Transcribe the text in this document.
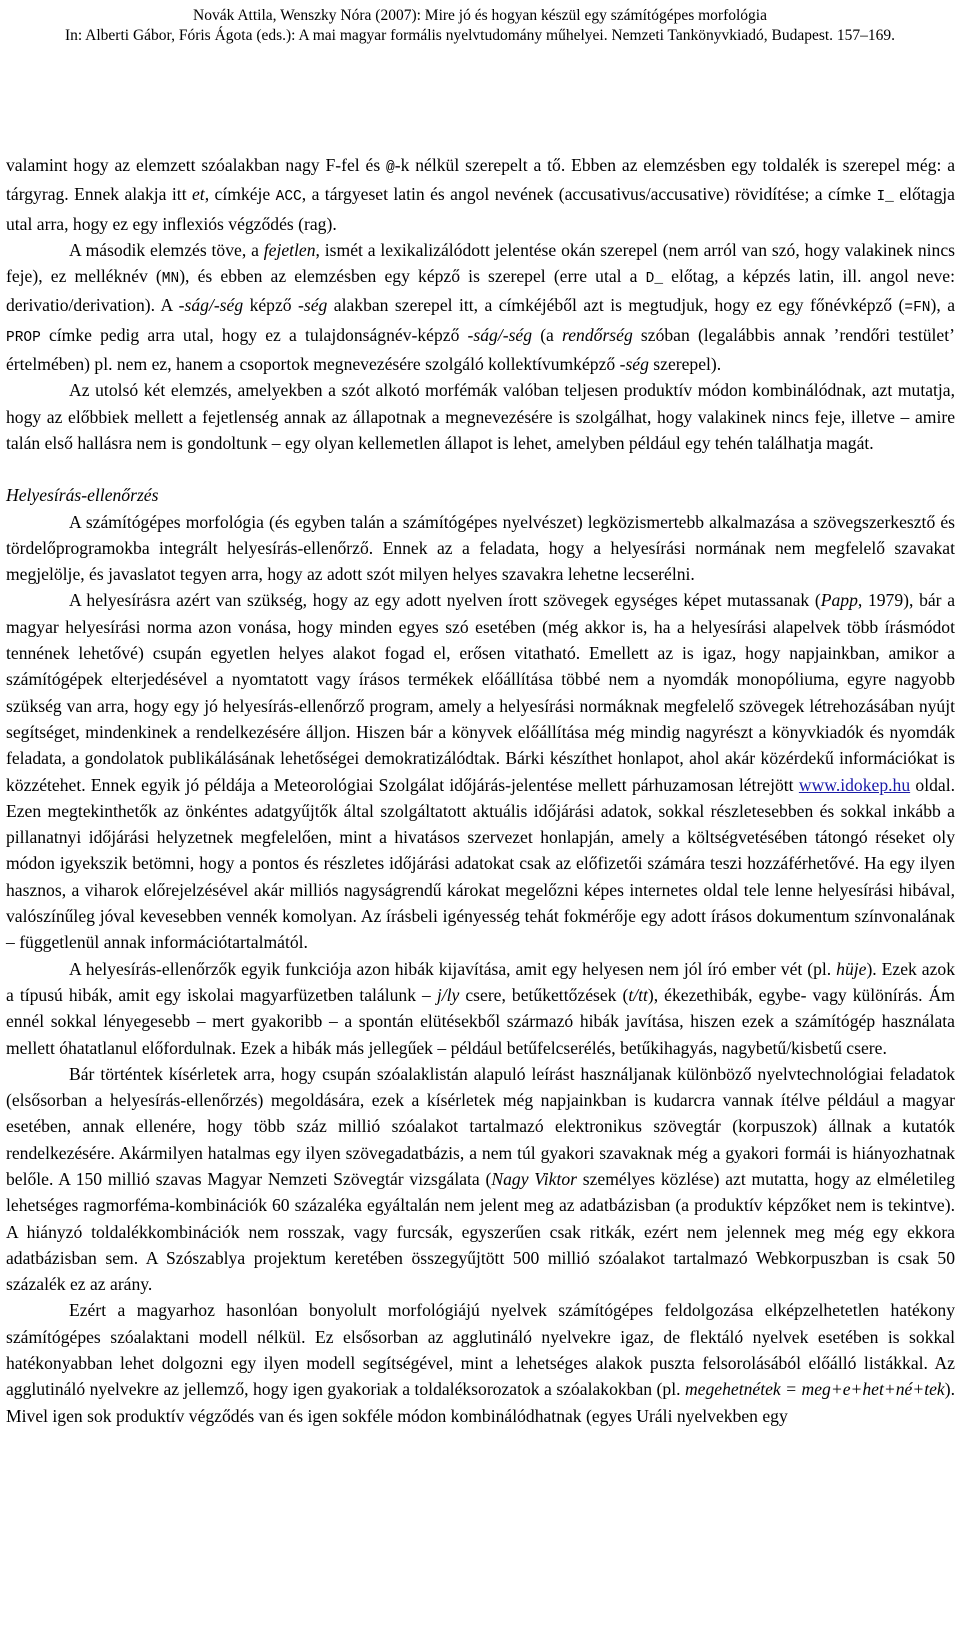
Novák Attila, Wenszky Nóra (2007): Mire jó és hogyan készül egy számítógépes morfológia
In: Alberti Gábor, Fóris Ágota (eds.): A mai magyar formális nyelvtudomány műhelyei. Nemzeti Tankönyvkiadó, Budapest. 157–169.

valamint hogy az elemzett szóalakban nagy F-fel és @-k nélkül szerepelt a tő. Ebben az elemzésben egy toldalék is szerepel még: a tárgyrag. Ennek alakja itt et, címkéje ACC, a tárgyeset latin és angol nevének (accusativus/accusative) rövidítése; a címke I_ előtagja utal arra, hogy ez egy inflexiós végződés (rag).

A második elemzés töve, a fejetlen, ismét a lexikalizálódott jelentése okán szerepel (nem arról van szó, hogy valakinek nincs feje), ez melléknév (MN), és ebben az elemzésben egy képző is szerepel (erre utal a D_ előtag, a képzés latin, ill. angol neve: derivatio/derivation). A -ság/-ség képző -ség alakban szerepel itt, a címkéjéből azt is megtudjuk, hogy ez egy főnévképző (=FN), a PROP címke pedig arra utal, hogy ez a tulajdonságnév-képző -ság/-ség (a rendőrség szóban (legalábbis annak ’rendőri testület’ értelmében) pl. nem ez, hanem a csoportok megnevezésére szolgáló kollektívumképző -ség szerepel).

Az utolsó két elemzés, amelyekben a szót alkotó morfémák valóban teljesen produktív módon kombinálódnak, azt mutatja, hogy az előbbiek mellett a fejetlenség annak az állapotnak a megnevezésére is szolgálhat, hogy valakinek nincs feje, illetve – amire talán első hallásra nem is gondoltunk – egy olyan kellemetlen állapot is lehet, amelyben például egy tehén találhatja magát.

Helyesírás-ellenőrzés

A számítógépes morfológia (és egyben talán a számítógépes nyelvészet) legközismertebb alkalmazása a szövegszerkesztő és tördelőprogramokba integrált helyesírás-ellenőrző. Ennek az a feladata, hogy a helyesírási normának nem megfelelő szavakat megjelölje, és javaslatot tegyen arra, hogy az adott szót milyen helyes szavakra lehetne lecserélni.

A helyesírásra azért van szükség, hogy az egy adott nyelven írott szövegek egységes képet mutassanak (Papp, 1979), bár a magyar helyesírási norma azon vonása, hogy minden egyes szó esetében (még akkor is, ha a helyesírási alapelvek több írásmódot tennének lehetővé) csupán egyetlen helyes alakot fogad el, erősen vitatható. Emellett az is igaz, hogy napjainkban, amikor a számítógépek elterjedésével a nyomtatott vagy írásos termékek előállítása többé nem a nyomdák monopóliuma, egyre nagyobb szükség van arra, hogy egy jó helyesírás-ellenőrző program, amely a helyesírási normáknak megfelelő szövegek létrehozásában nyújt segítséget, mindenkinek a rendelkezésére álljon. Hiszen bár a könyvek előállítása még mindig nagyrészt a könyvkiadók és nyomdák feladata, a gondolatok publikálásának lehetőségei demokratizálódtak. Bárki készíthet honlapot, ahol akár közérdekű információkat is közzétehet. Ennek egyik jó példája a Meteorológiai Szolgálat időjárás-jelentése mellett párhuzamosan létrejött www.idokep.hu oldal. Ezen megtekinthetők az önkéntes adatgyűjtők által szolgáltatott aktuális időjárási adatok, sokkal részletesebben és sokkal inkább a pillanatnyi időjárási helyzetnek megfelelően, mint a hivatásos szervezet honlapján, amely a költségvetésében tátongó réseket oly módon igyekszik betömni, hogy a pontos és részletes időjárási adatokat csak az előfizetői számára teszi hozzáférhetővé. Ha egy ilyen hasznos, a viharok előrejelzésével akár milliós nagyságrendű károkat megelőzni képes internetes oldal tele lenne helyesírási hibával, valószínűleg jóval kevesebben vennék komolyan. Az írásbeli igényesség tehát fokmérője egy adott írásos dokumentum színvonalának – függetlenül annak információtartalmától.

A helyesírás-ellenőrzők egyik funkciója azon hibák kijavítása, amit egy helyesen nem jól író ember vét (pl. hüje). Ezek azok a típusú hibák, amit egy iskolai magyarfüzetben találunk – j/ly csere, betűkettőzések (t/tt), ékezethibák, egybe- vagy különírás. Ám ennél sokkal lényegesebb – mert gyakoribb – a spontán elütésekből származó hibák javítása, hiszen ezek a számítógép használata mellett óhatatlanul előfordulnak. Ezek a hibák más jellegűek – például betűfelcserélés, betűkihagyás, nagybetű/kisbetű csere.

Bár történtek kísérletek arra, hogy csupán szóalaklistán alapuló leírást használjanak különböző nyelvtechnológiai feladatok (elsősorban a helyesírás-ellenőrzés) megoldására, ezek a kísérletek még napjainkban is kudarcra vannak ítélve például a magyar esetében, annak ellenére, hogy több száz millió szóalakot tartalmazó elektronikus szövegtár (korpuszok) állnak a kutatók rendelkezésére. Akármilyen hatalmas egy ilyen szövegadatbázis, a nem túl gyakori szavaknak még a gyakori formái is hiányozhatnak belőle. A 150 millió szavas Magyar Nemzeti Szövegtár vizsgálata (Nagy Viktor személyes közlése) azt mutatta, hogy az elméletileg lehetséges ragmorféma-kombinációk 60 százaléka egyáltalán nem jelent meg az adatbázisban (a produktív képzőket nem is tekintve). A hiányzó toldalékkombinációk nem rosszak, vagy furcsák, egyszerűen csak ritkák, ezért nem jelennek meg még egy ekkora adatbázisban sem. A Szószablya projektum keretében összegyűjtött 500 millió szóalakot tartalmazó Webkorpuszban is csak 50 százalék ez az arány.

Ezért a magyarhoz hasonlóan bonyolult morfológiájú nyelvek számítógépes feldolgozása elképzelhetetlen hatékony számítógépes szóalaktani modell nélkül. Ez elsősorban az agglutináló nyelvekre igaz, de flektáló nyelvek esetében is sokkal hatékonyabban lehet dolgozni egy ilyen modell segítségével, mint a lehetséges alakok puszta felsorolásából előálló listákkal. Az agglutináló nyelvekre az jellemző, hogy igen gyakoriak a toldaléksorozatok a szóalakokban (pl. megehetnétek = meg+e+het+né+tek). Mivel igen sok produktív végződés van és igen sokféle módon kombinálódhatnak (egyes Uráli nyelvekben egy
